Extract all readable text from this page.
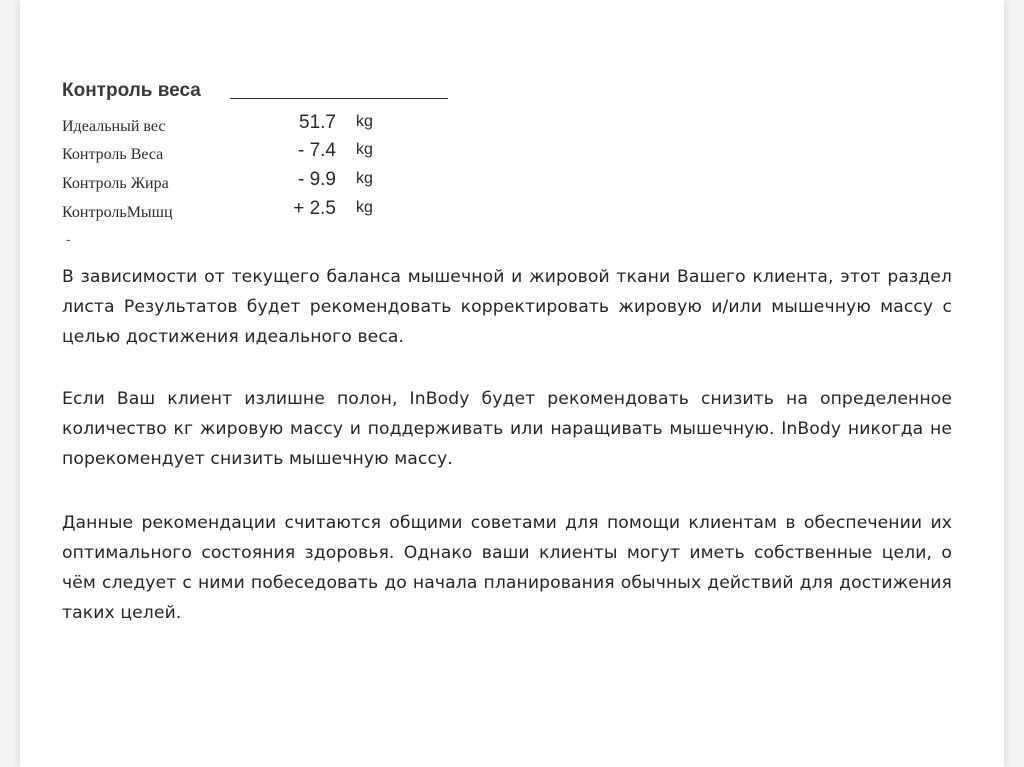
Контроль веса
Идеальный вес	51.7 kg
Контроль Веса	- 7.4 kg
Контроль Жира	- 9.9 kg
КонтрольМышц	+ 2.5 kg
-

В зависимости от текущего баланса мышечной и жировой ткани Вашего клиента, этот раздел листа Результатов будет рекомендовать корректировать жировую и/или мышечную массу с целью достижения идеального веса.

Если Ваш клиент излишне полон, InBody будет рекомендовать снизить на определенное количество кг жировую массу и поддерживать или наращивать мышечную. InBody никогда не порекомендует снизить мышечную массу.

Данные рекомендации считаются общими советами для помощи клиентам в обеспечении их оптимального состояния здоровья. Однако ваши клиенты могут иметь собственные цели, о чём следует с ними побеседовать до начала планирования обычных действий для достижения таких целей.
